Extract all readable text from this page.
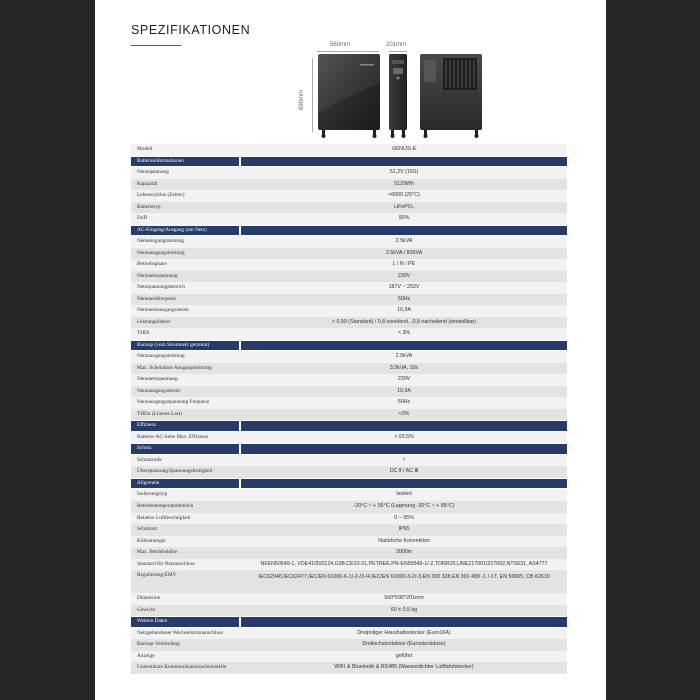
SPEZIFIKATIONEN
560mm	201mm
690mm
Modell	VENUS-E
Batterieinformationen
Nennspannung	51,2V (16S)
Kapazität	5120Wh
Lebenszyklus (Zeiten)	>6000 (25°C)
Batterietyp	LiFePO₄
DoD	90%
AC-Eingang/Ausgang (am Netz)
Nenneingangsleistung	2.5kVA
Nennausgangsleistung	2.5kVA / 800VA
Betriebsphase	L / N / PE
Nennnetzspannung	230V
Netzspannungsbereich	187V ~ 253V
Nennnetzfrequenz	50Hz
Nennnetzausgangsstrom	10,9A
Leistungsfaktor	> 0,99 (Standard) / 0,8 voreilend...0,8 nacheilend (einstellbar)
THDi	< 3%
Backup (vom Stromnetz getrennt)
Nennausgangsleistung	2.5kVA
Max. Scheinbare Ausgangsleistung	3,5kVA, 10s
Nennnetzspannung	230V
Nennausgangsstrom	10,9A
Nennausgangsspannung Frequenz	50Hz
THDu (Lineare Last)	<3%
Effizienz
Batterie-AC-Seite Max. Effizienz	> 93,5%
Schutz
Schutzstufe	I
Überspannung/Spannungsfestigkeit	DC Ⅱ / AC Ⅲ
Allgemein
Isolierungstyp	Isoliert
Betriebstemperaturbereich	-20°C ~ + 55°C (Lagerung -30°C ~ + 85°C)
Relative Luftfeuchtigkeit	0 ~ 95%
Schutzart	IP65
Kühlstrategie	Natürliche Konvektion
Max. Betriebshöhe	2000m
Standard für Netzanschluss	NFEN50549-1, VDE4105/0124,G98,CE10-21,PETREE,PN-EN50549-1/-2,TORR25,UNE217001/217002,NTS631, AS4777
Regulierung/EMV	IEC62040,IEC62477,IEC/EN 61000-6-1/-2-/3-/4,IEC/EN 61000-3-2/-3,EN 300 328,EN 301 489 -1 /-17, EN 50665, CB 62619
Dimension	560*690*201mm
Gewicht	60 ± 0,5 kg
Weitere Daten
Netzgebundener Wechselstromanschluss	Dreipoliger Haushaltsstecker (Euro16A)
Backup-Verbindung	Dreilochsteckdose (Eurosteckdose)
Anzeige	geführt
Unterstützte Kommunikationsschnittstelle	WIFI & Bluetooth & RS485 (Wasserdichter Luftfahrtstecker)
